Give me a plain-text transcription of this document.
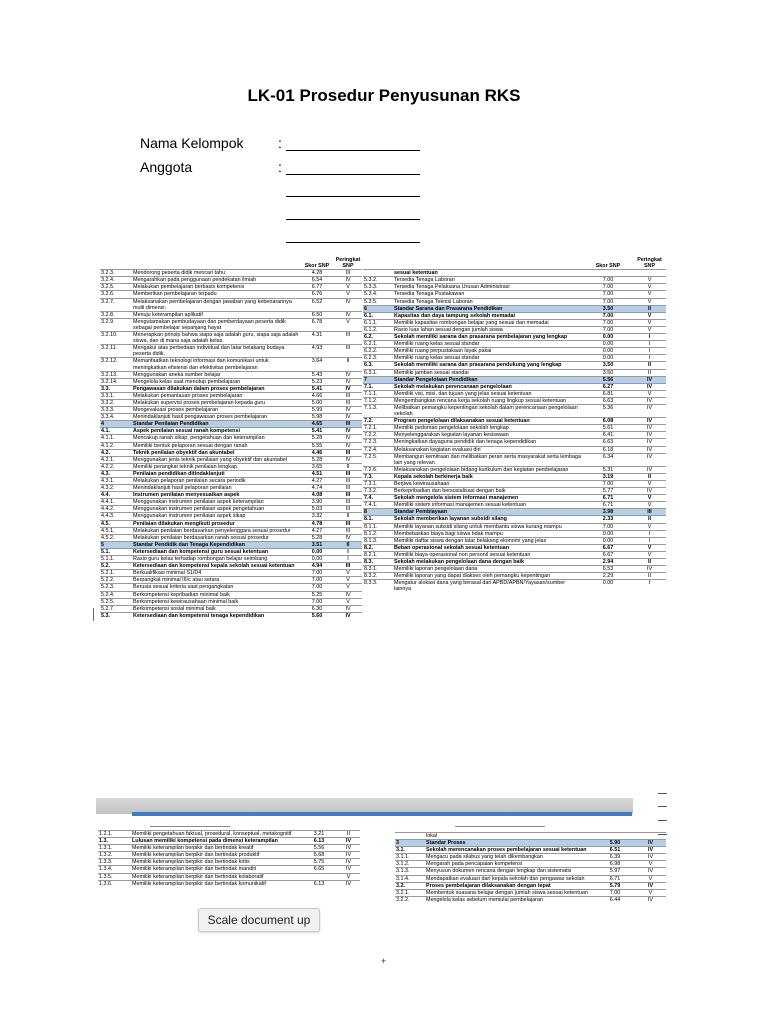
LK-01 Prosedur Penyusunan RKS
Nama Kelompok :
Anggota	:
		Skor SNP	Peringkat SNP
3.2.3.	Mendorong peserta didik mencari tahu	4.28	III
3.2.4.	Mengarahkan pada penggunaan pendekatan ilmiah	6.54	IV
3.2.5.	Melakukan pembelajaran berbasis kompetensi	6.77	V
3.2.6.	Memberikan pembelajaran terpadu	6.76	V
3.2.7.	Melaksanakan pembelajaran dengan jawaban yang kebenarannya multi dimensi;	6.52	IV
3.2.8.	Menuju keterampilan aplikatif	6.50	IV
3.2.9.	Mengutamakan pembudayaan dan pemberdayaan peserta didik sebagai pembelajar sepanjang hayat	6.78	V
3.2.10.	Menerapkan prinsip bahwa siapa saja adalah guru, siapa saja adalah siswa, dan di mana saja adalah kelas.	4.31	III
3.2.11.	Mengakui atas perbedaan individual dan latar belakang budaya peserta didik.	4.93	III
3.2.12.	Memanfaatkan teknologi informasi dan komunikasi untuk meningkatkan efisiensi dan efektivitas pembelajaran	3.64	II
3.2.13.	Menggunakan aneka sumber belajar	5.43	IV
3.2.14.	Mengelola kelas saat menutup pembelajaran	5.23	IV
3.3.	Pengawasan dilakukan dalam proses pembelajaran	5.41	IV
3.3.1.	Melakukan pemantauan proses pembelajaran	4.66	III
3.3.2.	Melakukan supervisi proses pembelajaran kepada guru	5.00	III
3.3.3.	Mengevaluasi proses pembelajaran	5.99	IV
3.3.4.	Menindaklanjuti hasil pengawasan proses pembelajaran	5.98	IV
4	Standar Penilaian Pendidikan	4.65	III
4.1.	Aspek penilaian sesuai ranah kompetensi	5.41	IV
4.1.1.	Mencakup ranah sikap, pengetahuan dan keterampilan	5.28	IV
4.1.2.	Memiliki bentuk pelaporan sesuai dengan ranah	5.55	IV
4.2.	Teknik penilaian obyektif dan akuntabel	4.46	III
4.2.1.	Menggunakan jenis teknik penilaian yang obyektif dan akuntabel	5.28	IV
4.2.2.	Memiliki perangkat teknik penilaian lengkap	3.65	II
4.3.	Penilaian pendidikan ditindaklanjuti	4.51	III
4.3.1.	Melakukan pelaporan penilaian secara periodik	4.27	III
4.3.2.	Menindaklanjuti hasil pelaporan penilaian	4.74	III
4.4.	Instrumen penilaian menyesuaikan aspek	4.08	III
4.4.1.	Menggunakan instrumen penilaian aspek keterampilan	3.90	III
4.4.2.	Menggunakan instrumen penilaian aspek pengetahuan	5.03	III
4.4.3.	Menggunakan instrumen penilaian aspek sikap	3.32	II
4.5.	Penilaian dilakukan mengikuti prosedur	4.78	III
4.5.1.	Melakukan penilaian berdasarkan penyelenggara sesuai prosedur	4.27	III
4.5.2.	Melakukan penilaian berdasarkan ranah sesuai prosedur	5.28	IV
5	Standar Pendidik dan Tenaga Kependidikan	3.51	II
5.1.	Ketersediaan dan kompetensi guru sesuai ketentuan	0.00	I
5.1.1.	Rasio guru kelas terhadap rombongan belajar seimbang	0.00	I
5.2.	Ketersediaan dan kompetensi kepala sekolah sesuai ketentuan	4.94	III
5.2.1.	Berkualifikasi minimal S1/D4	7.00	V
5.2.2.	Berpangkat minimal III/c atau setara	7.00	V
5.2.3.	Berusia sesuai kriteria saat pengangkatan	7.00	V
5.2.4.	Berkompetensi kepribadian minimal baik	5.25	IV
5.2.5.	Berkompetensi kewirausahaan minimal baik	7.00	V
5.2.7.	Berkompetensi sosial minimal baik	6.30	IV
5.3.	Ketersediaan dan kompetensi tenaga kependidikan	5.60	IV
		Skor SNP	Peringkat SNP
	sesuai ketentuan		
5.3.2.	Tersedia Tenaga Laboran	7.00	V
5.3.3.	Tersedia Tenaga Pelaksana Urusan Administrasi	7.00	V
5.3.4.	Tersedia Tenaga Pustakawan	7.00	V
5.3.5.	Tersedia Tenaga Teknisi Laboran	7.00	V
6	Standar Sarana dan Prasarana Pendidikan	3.50	II
6.1.	Kapasitas dan daya tampung sekolah memadai	7.00	V
6.1.1.	Memiliki kapasitas rombongan belajar yang sesuai dan memadai	7.00	V
6.1.2.	Rasio luas lahan sesuai dengan jumlah siswa	7.00	V
6.2.	Sekolah memiliki sarana dan prasarana pembelajaran yang lengkap	0.00	I
6.2.1.	Memiliki ruang kelas sesuai standar	0.00	I
6.2.2.	Memiliki ruang perpustakaan layak pakai	0.00	I
6.2.3.	Memiliki ruang kelas sesuai standar	0.00	I
6.3.	Sekolah memiliki sarana dan prasarana pendukung yang lengkap	3.50	II
6.3.1.	Memiliki jamban sesuai standar	3.50	II
7	Standar Pengelolaan Pendidikan	5.56	IV
7.1.	Sekolah melakukan perencanaan pengelolaan	6.27	IV
7.1.1.	Memiliki visi, misi, dan tujuan yang jelas sesuai ketentuan	6.81	V
7.1.2.	Mengembangkan rencana kerja sekolah ruang lingkup sesuai ketentuan	6.63	IV
7.1.3.	Melibatkan pemangku kepentingan sekolah dalam perencanaan pengelolaan sekolah	5.36	IV
7.2.	Program pengelolaan dilaksanakan sesuai ketentuan	6.08	IV
7.2.1.	Memiliki pedoman pengelolaan sekolah lengkap	5.61	IV
7.2.2.	Menyelenggarakan kegiatan layanan kesiswaan	6.41	IV
7.2.3.	Meningkatkan dayaguna pendidik dan tenaga kependidikan	6.63	IV
7.2.4.	Melaksanakan kegiatan evaluasi diri	6.18	IV
7.2.5.	Membangun kemitraan dan melibatkan peran serta masyarakat serta lembaga lain yang relevan	6.34	IV
7.2.6.	Melaksanakan pengelolaan bidang kurikulum dan kegiatan pembelajaran	5.31	IV
7.3.	Kepala sekolah berkinerja baik	3.19	II
7.3.1.	Berjiwa kewirausahaan	7.00	V
7.3.2.	Berkepribadian dan bersosialisasi dengan baik	5.77	IV
7.4.	Sekolah mengelola sistem informasi manajemen	6.71	V
7.4.1.	Memiliki sistem informasi manajemen sesuai ketentuan	6.71	V
8	Standar Pembiayaan	3.98	III
8.1.	Sekolah memberikan layanan subsidi silang	2.33	II
8.1.1.	Memiliki layanan subsidi silang untuk membantu siswa kurang mampu	7.00	V
8.1.2.	Membebaskan biaya bagi siswa tidak mampu	0.00	I
8.1.3.	Memiliki daftar siswa dengan latar belakang ekonomi yang jelas	0.00	I
8.2.	Beban operasional sekolah sesuai ketentuan	6.67	V
8.2.1.	Memiliki biaya operasional non personil sesuai ketentuan	6.67	V
8.3.	Sekolah melakukan pengelolaan dana dengan baik	2.94	II
8.3.1.	Memiliki laporan pengelolaan dana	6.53	IV
8.3.2.	Memiliki laporan yang dapat diakses oleh pemangku kepentingan	2.29	II
8.3.3.	Mengatur alokasi dana yang berasal dari APBD/APBN/Yayasan/sumber lainnya	0.00	I
1.2.1.	Memiliki pengetahuan faktual, prosedural, konseptual, metakognitif	3.21	II
1.3.	Lulusan memiliki kompetensi pada dimensi keterampilan	6.13	IV
1.3.1.	Memiliki keterampilan berpikir dan bertindak kreatif	5.56	IV
1.3.2.	Memiliki keterampilan berpikir dan bertindak produktif	5.68	IV
1.3.3.	Memiliki keterampilan berpikir dan bertindak kritis	5.75	IV
1.3.4.	Memiliki keterampilan berpikir dan bertindak mandiri	6.65	IV
1.3.5.	Memiliki keterampilan berpikir dan bertindak kolaboratif		V
1.3.6.	Memiliki keterampilan berpikir dan bertindak komunikatif	6.13	IV
	lokal		
3	Standar Proses	5.90	IV
3.1.	Sekolah merencanakan proses pembelajaran sesuai ketentuan	6.51	IV
3.1.1.	Mengacu pada silabus yang telah dikembangkan	6.39	IV
3.1.2.	Mengarah pada pencapaian kompetensi	6.98	V
3.1.3.	Menyusun dokumen rencana dengan lengkap dan sistematis	5.97	IV
3.1.4.	Mendapatkan evaluasi dari kepala sekolah dan pengawas sekolah	6.71	V
3.2.	Proses pembelajaran dilaksanakan dengan tepat	5.79	IV
3.2.1.	Membentuk suasana belajar dengan jumlah siswa sesuai ketentuan	7.00	V
3.2.2.	Mengelola kelas sebelum memulai pembelajaran	6.44	IV
Scale document up
+
